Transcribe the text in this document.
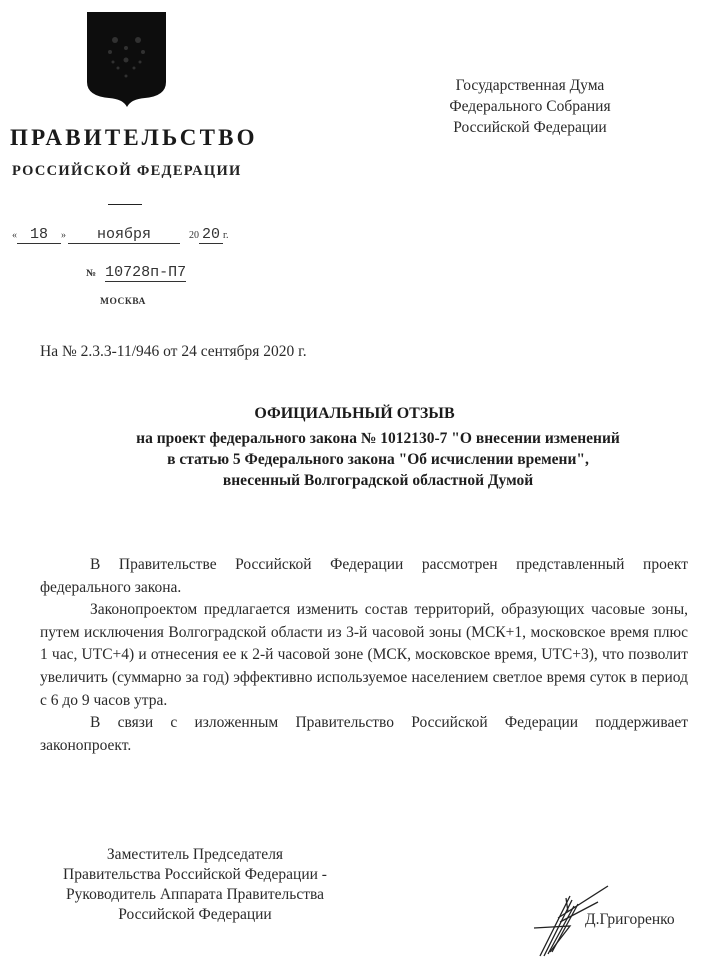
ПРАВИТЕЛЬСТВО
РОССИЙСКОЙ ФЕДЕРАЦИИ
« 18 » ноября	20 20 г.
№ 10728п-П7
МОСКВА
Государственная Дума
Федерального Собрания
Российской Федерации
На № 2.3.3-11/946 от 24 сентября 2020 г.
ОФИЦИАЛЬНЫЙ ОТЗЫВ
на проект федерального закона № 1012130-7 "О внесении изменений
в статью 5 Федерального закона "Об исчислении времени",
внесенный Волгоградской областной Думой

В Правительстве Российской Федерации рассмотрен представленный проект федерального закона.

Законопроектом предлагается изменить состав территорий, образующих часовые зоны, путем исключения Волгоградской области из 3-й часовой зоны (МСК+1, московское время плюс 1 час, UTC+4) и отнесения ее к 2-й часовой зоне (МСК, московское время, UTC+3), что позволит увеличить (суммарно за год) эффективно используемое населением светлое время суток в период с 6 до 9 часов утра.

В связи с изложенным Правительство Российской Федерации поддерживает законопроект.

Заместитель Председателя
Правительства Российской Федерации -
Руководитель Аппарата Правительства
Российской Федерации	Д.Григоренко
